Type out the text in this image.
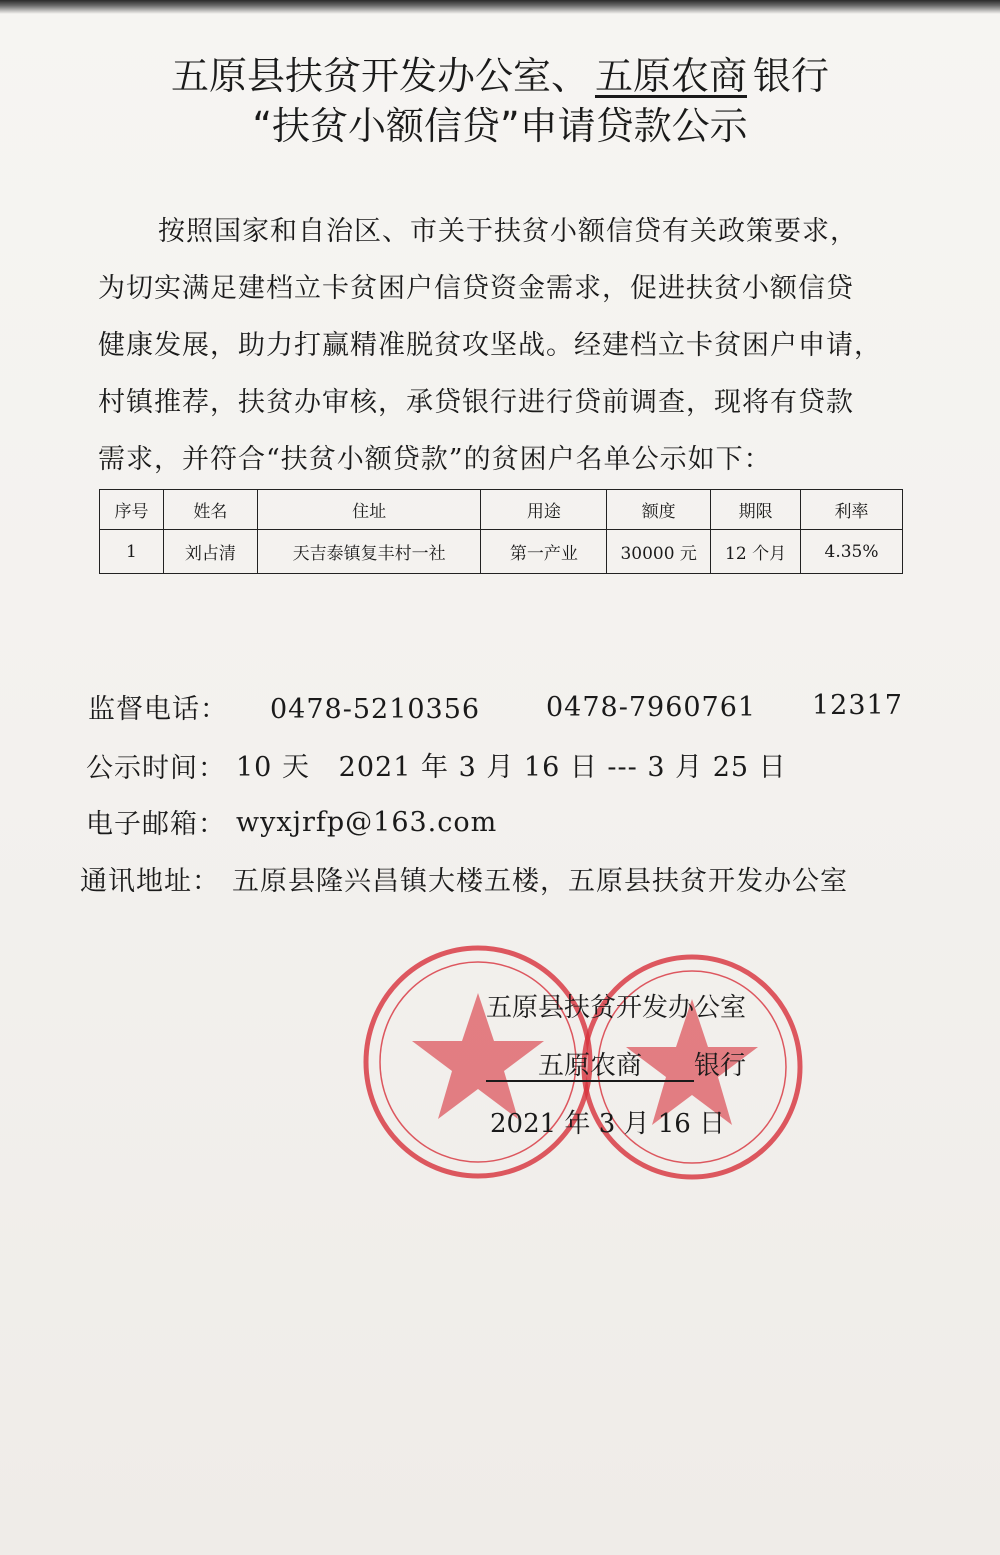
五原县扶贫开发办公室、 五原农商 银行
“扶贫小额信贷”申请贷款公示

按照国家和自治区、市关于扶贫小额信贷有关政策要求，

为切实满足建档立卡贫困户信贷资金需求，促进扶贫小额信贷

健康发展，助力打赢精准脱贫攻坚战。经建档立卡贫困户申请，

村镇推荐，扶贫办审核，承贷银行进行贷前调查，现将有贷款

需求，并符合“扶贫小额贷款”的贫困户名单公示如下：

序号	姓名	住址	用途	额度	期限	利率
1	刘占清	天吉泰镇复丰村一社	第一产业	30000 元	12 个月	4.35%
监督电话： 0478-5210356 0478-7960761 12317
公示时间： 10 天   2021 年 3 月 16 日 --- 3 月 25 日
电子邮箱： wyxjrfp@163.com
通讯地址： 五原县隆兴昌镇大楼五楼，五原县扶贫开发办公室
五原县扶贫开发办公室
  五原农商   银行
2021 年 3 月 16 日
